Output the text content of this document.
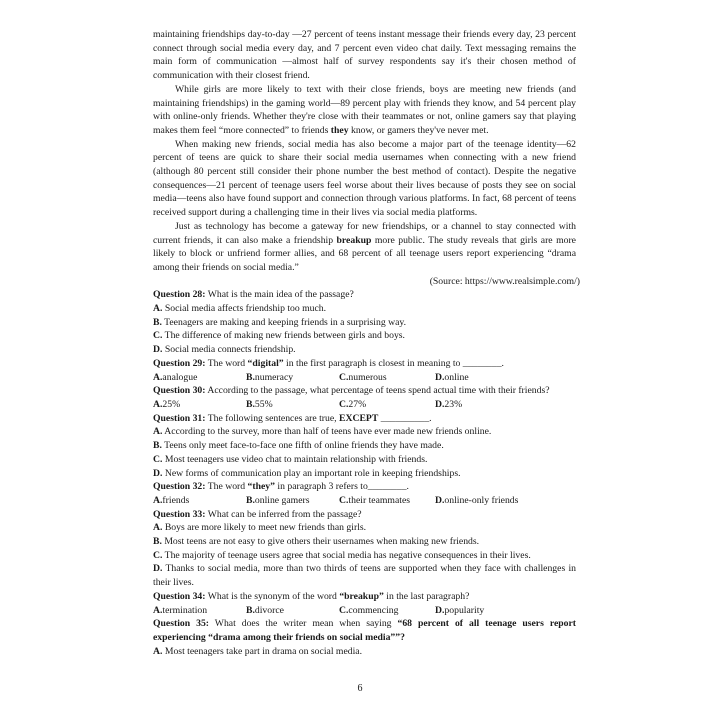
maintaining friendships day-to-day —27 percent of teens instant message their friends every day, 23 percent connect through social media every day, and 7 percent even video chat daily. Text messaging remains the main form of communication —almost half of survey respondents say it's their chosen method of communication with their closest friend.

While girls are more likely to text with their close friends, boys are meeting new friends (and maintaining friendships) in the gaming world—89 percent play with friends they know, and 54 percent play with online-only friends. Whether they're close with their teammates or not, online gamers say that playing makes them feel “more connected” to friends they know, or gamers they've never met.

When making new friends, social media has also become a major part of the teenage identity—62 percent of teens are quick to share their social media usernames when connecting with a new friend (although 80 percent still consider their phone number the best method of contact). Despite the negative consequences—21 percent of teenage users feel worse about their lives because of posts they see on social media—teens also have found support and connection through various platforms. In fact, 68 percent of teens received support during a challenging time in their lives via social media platforms.

Just as technology has become a gateway for new friendships, or a channel to stay connected with current friends, it can also make a friendship breakup more public. The study reveals that girls are more likely to block or unfriend former allies, and 68 percent of all teenage users report experiencing “drama among their friends on social media.”

(Source: https://www.realsimple.com/)

Question 28: What is the main idea of the passage?

A. Social media affects friendship too much.

B. Teenagers are making and keeping friends in a surprising way.

C. The difference of making new friends between girls and boys.

D. Social media connects friendship.

Question 29: The word “digital” in the first paragraph is closest in meaning to ________.

A.analogue	B.numeracy	C.numerous	D.online

Question 30: According to the passage, what percentage of teens spend actual time with their friends?

A.25%	B.55%	C.27%	D.23%

Question 31: The following sentences are true, EXCEPT __________.

A. According to the survey, more than half of teens have ever made new friends online.

B. Teens only meet face-to-face one fifth of online friends they have made.

C. Most teenagers use video chat to maintain relationship with friends.

D. New forms of communication play an important role in keeping friendships.

Question 32: The word “they” in paragraph 3 refers to________.

A.friends	B.online gamers	C.their teammates	D.online-only friends

Question 33: What can be inferred from the passage?

A. Boys are more likely to meet new friends than girls.

B. Most teens are not easy to give others their usernames when making new friends.

C. The majority of teenage users agree that social media has negative consequences in their lives.

D. Thanks to social media, more than two thirds of teens are supported when they face with challenges in their lives.

Question 34: What is the synonym of the word “breakup” in the last paragraph?

A.termination	B.divorce	C.commencing	D.popularity

Question 35: What does the writer mean when saying “68 percent of all teenage users report experiencing “drama among their friends on social media””?

A. Most teenagers take part in drama on social media.

6
